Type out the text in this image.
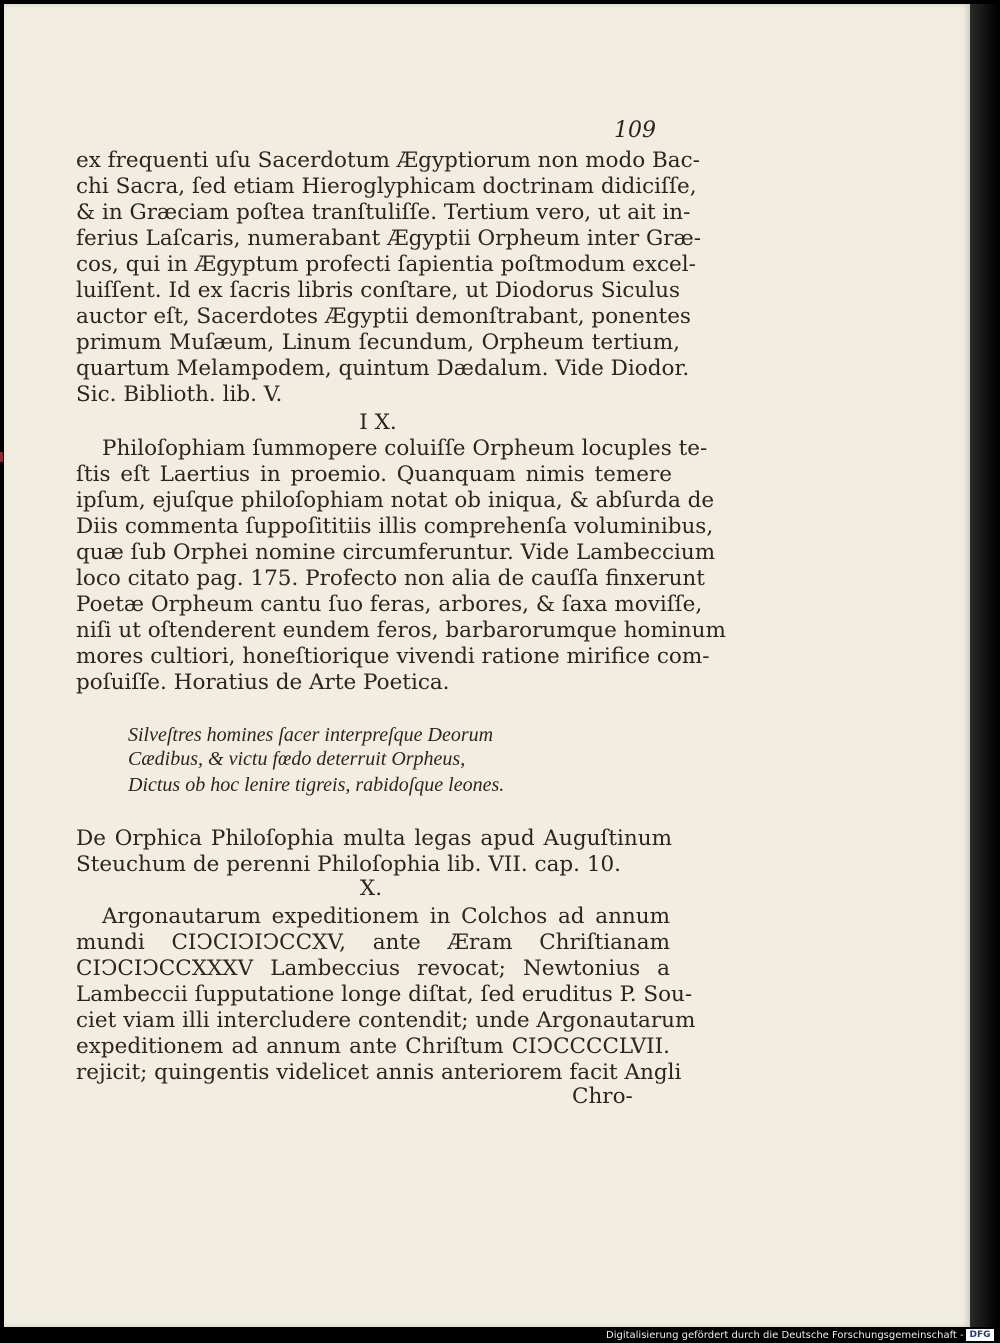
109
ex frequenti uſu Sacerdotum Ægyptiorum non modo Bac-
chi Sacra, ſed etiam Hieroglyphicam doctrinam didiciſſe,
& in Græciam poſtea tranſtuliſſe. Tertium vero, ut ait in-
ferius Laſcaris, numerabant Ægyptii Orpheum inter Græ-
cos, qui in Ægyptum profecti ſapientia poſtmodum excel-
luiſſent. Id ex ſacris libris conſtare, ut Diodorus Siculus
auctor eſt, Sacerdotes Ægyptii demonſtrabant, ponentes
primum Muſæum, Linum ſecundum, Orpheum tertium,
quartum Melampodem, quintum Dædalum. Vide Diodor.
Sic. Biblioth. lib. V.
I X.
Philoſophiam ſummopere coluiſſe Orpheum locuples te-
ſtis eſt Laertius in proemio. Quanquam nimis temere
ipſum, ejuſque philoſophiam notat ob iniqua, & abſurda de
Diis commenta ſuppoſititiis illis comprehenſa voluminibus,
quæ ſub Orphei nomine circumferuntur. Vide Lambeccium
loco citato pag. 175. Profecto non alia de cauſſa finxerunt
Poetæ Orpheum cantu ſuo feras, arbores, & ſaxa moviſſe,
niſi ut oſtenderent eundem feros, barbarorumque hominum
mores cultiori, honeſtiorique vivendi ratione mirifice com-
poſuiſſe. Horatius de Arte Poetica.
Silveſtres homines ſacer interpreſque Deorum
Cædibus, & victu fœdo deterruit Orpheus,
Dictus ob hoc lenire tigreis, rabidoſque leones.
De Orphica Philoſophia multa legas apud Auguſtinum
Steuchum de perenni Philoſophia lib. VII. cap. 10.
X.
Argonautarum expeditionem in Colchos ad annum
mundi CIↃCIↃIↃCCXV, ante Æram Chriſtianam
CIↃCIↃCCXXXV Lambeccius revocat; Newtonius a
Lambeccii ſupputatione longe diſtat, ſed eruditus P. Sou-
ciet viam illi intercludere contendit; unde Argonautarum
expeditionem ad annum ante Chriſtum CIↃCCCCLVII.
rejicit; quingentis videlicet annis anteriorem facit Angli
Chro-
Digitalisierung gefördert durch die Deutsche Forschungsgemeinschaft - DFG
